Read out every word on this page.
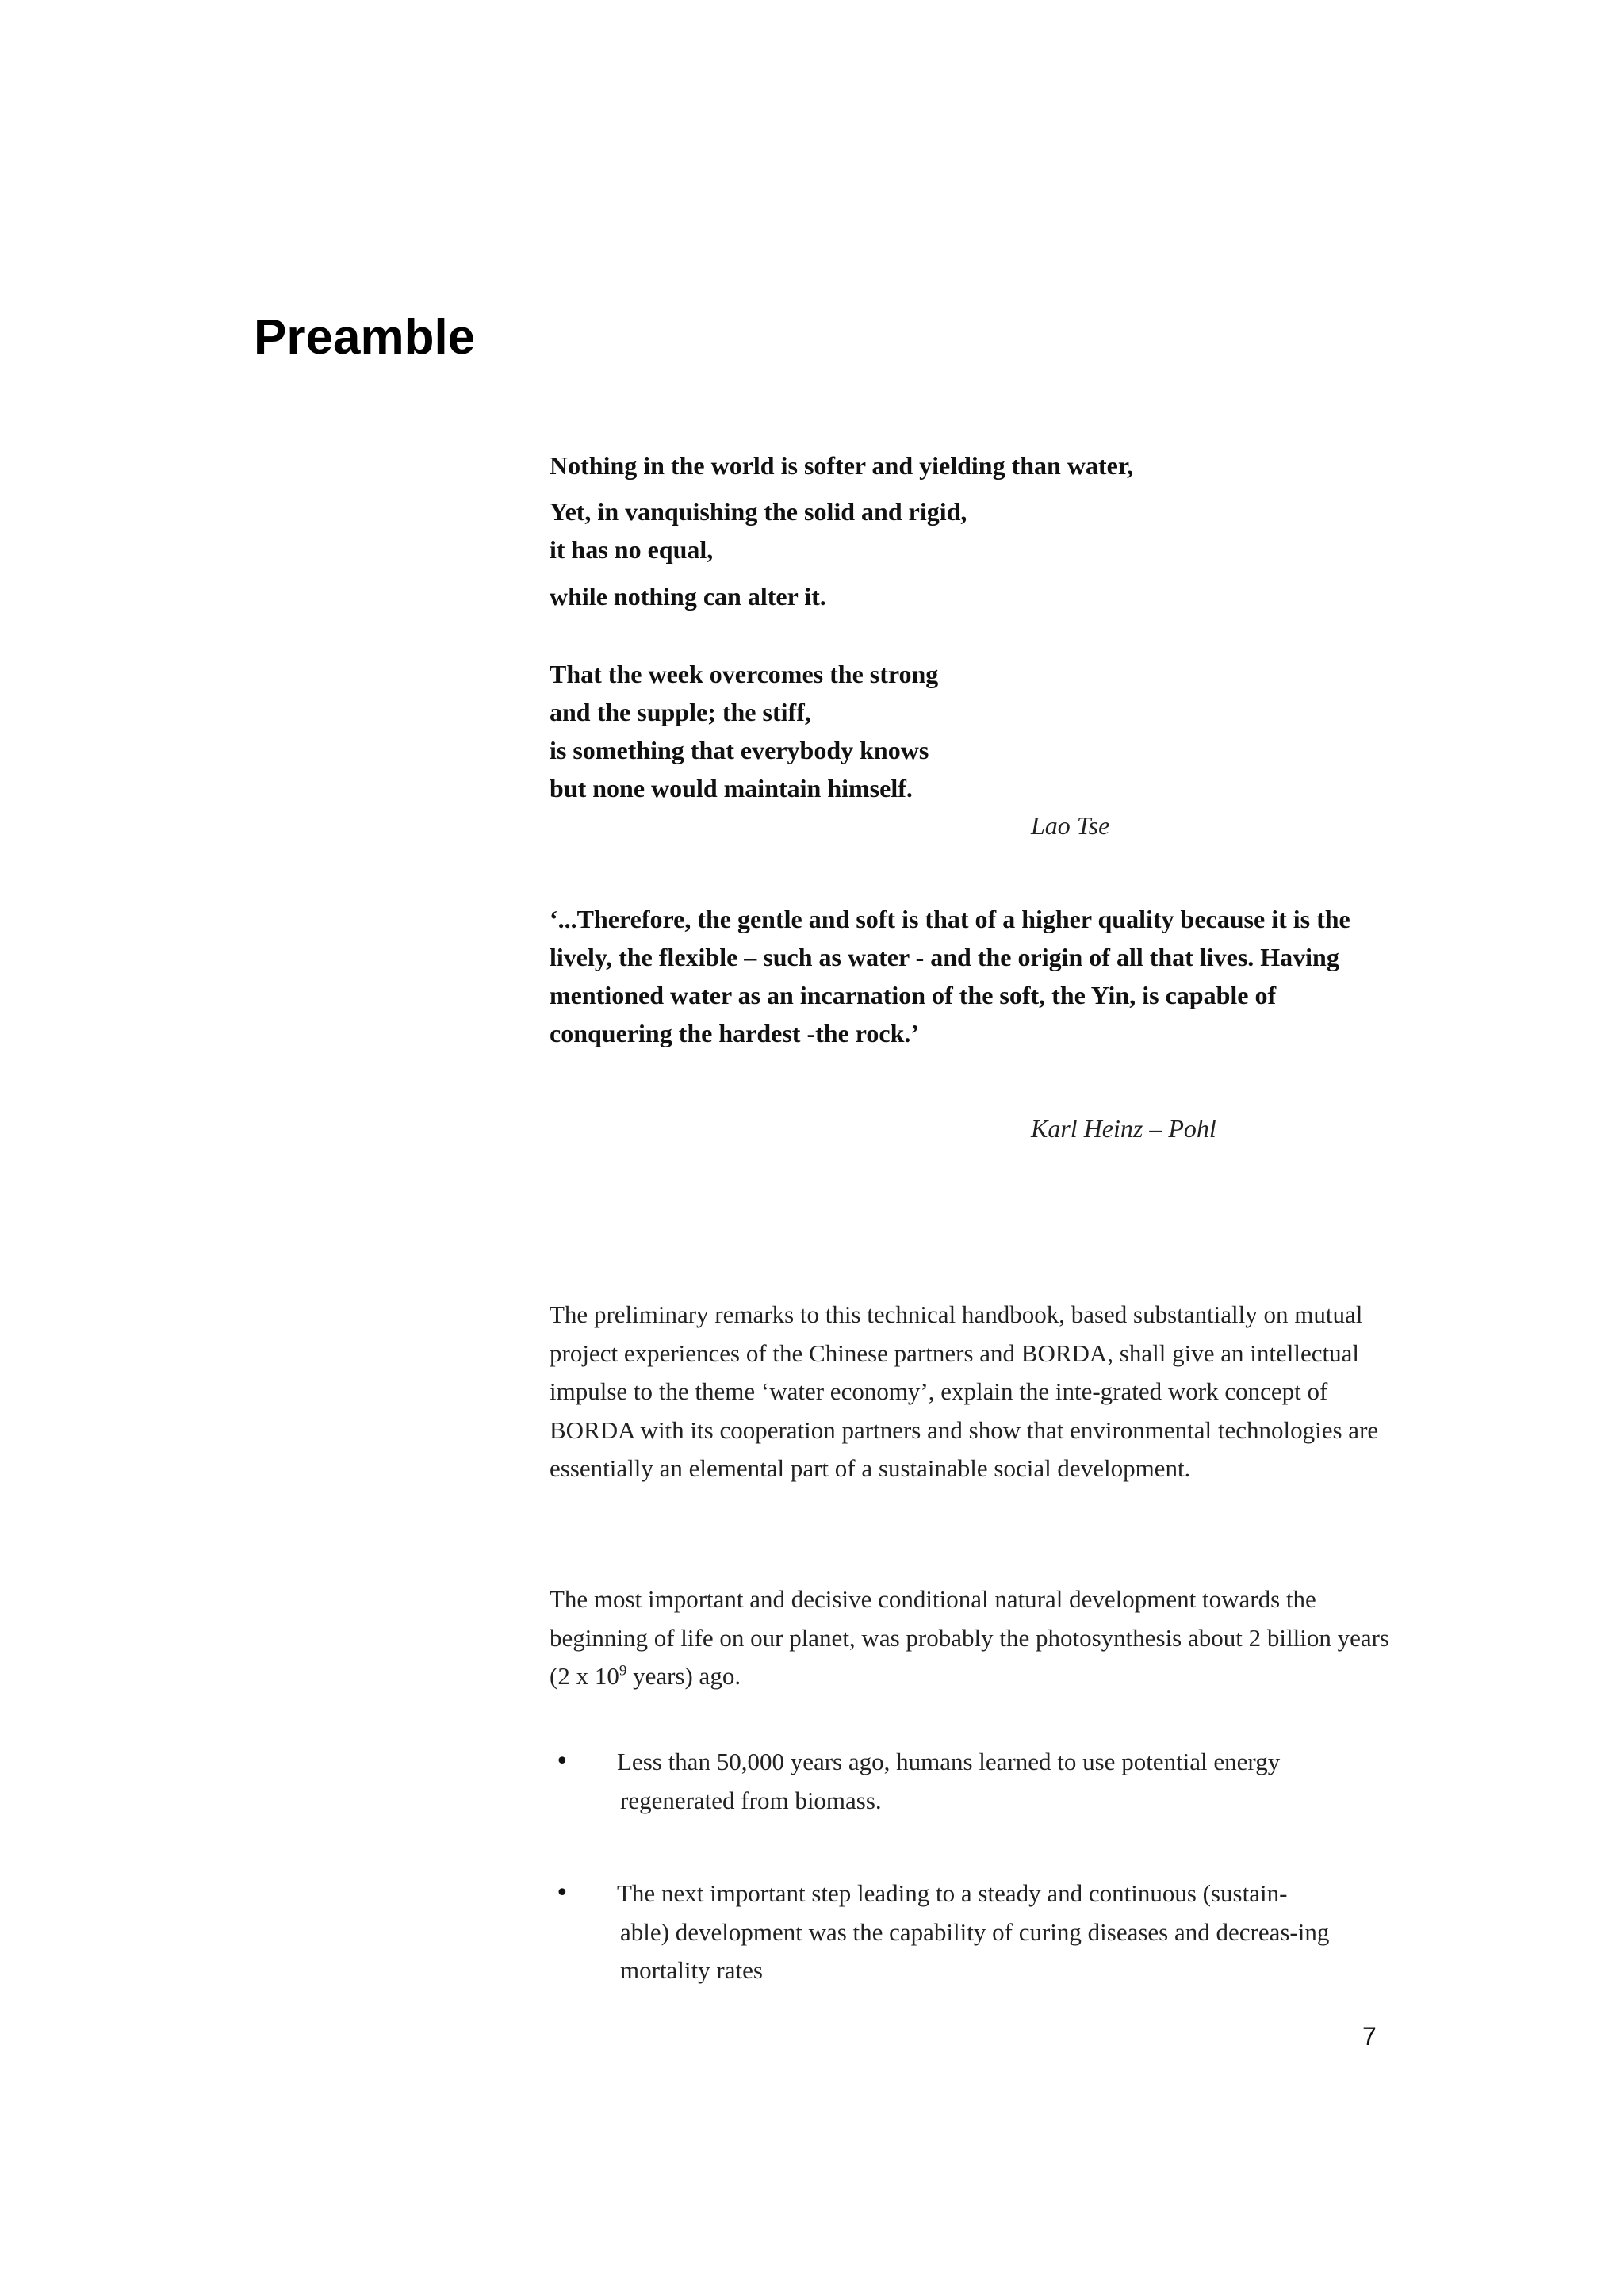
Preamble

Nothing in the world is softer and yielding than water,

Yet, in vanquishing the solid and rigid,

it has no equal,

while nothing can alter it.

That the week overcomes the strong

and the supple; the stiff,

is something that everybody knows

but none would maintain himself.

Lao Tse

‘...Therefore, the gentle and soft is that of a higher quality because it is the lively, the flexible – such as water - and the origin of all that lives. Having mentioned water as an incarnation of the soft, the Yin, is capable of conquering the hardest -the rock.’

Karl Heinz – Pohl

The preliminary remarks to this technical handbook, based substantially on mutual project experiences of the Chinese partners and BORDA, shall give an intellectual impulse to the theme ‘water economy’, explain the inte-grated work concept of BORDA with its cooperation partners and show that environmental technologies are essentially an elemental part of a sustainable social development.

The most important and decisive conditional natural development towards the beginning of life on our planet, was probably the photosynthesis about 2 billion years (2 x $10^9$ years) ago.

• Less than 50,000 years ago, humans learned to use potential energy
regenerated from biomass.

• The next important step leading to a steady and continuous (sustain-
able) development was the capability of curing diseases and decreas-ing mortality rates

7
